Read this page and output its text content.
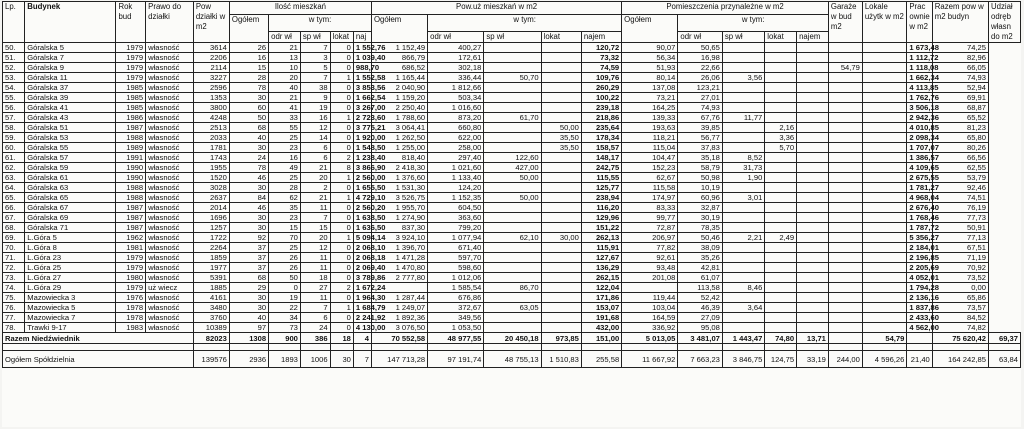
Lp.	Budynek	Rok bud	Prawo do działki	Pow działki w m2	Ilość mieszkań					Pow.uż mieszkań w m2					Pomieszczenia przynależne w m2					Garaże w bud m2	Lokale użytk w m2	Prac ownie w m2	Razem pow w m2 budyn	Udział odręb własn do m2
					Ogółem	w tym:				Ogółem	w tym:				Ogółem	w tym:								
						odr wł	sp wł	lokat	naj		odr wł	sp wł	lokat	najem		odr wł	sp wł	lokat	najem					
50.	Góralska 5	1979	własność	3614	26	21	7	0	1 552,76	1 152,49	400,27			120,72	90,07	50,65						1 673,48	74,25	
51.	Góralska 7	1979	własność	2206	16	13	3	0	1 039,40	866,79	172,61			73,32	56,34	16,98						1 112,72	82,96	
52.	Góralska 9	1979	własność	2114	15	10	5	0	988,70	686,52	302,18			74,59	51,93	22,66				54,79		1 118,08	66,05	
53.	Góralska 11	1979	własność	3227	28	20	7	1	1 552,58	1 165,44	336,44	50,70		109,76	80,14	26,06	3,56					1 662,34	74,93	
54.	Góralska 37	1985	własność	2596	78	40	38	0	3 853,56	2 040,90	1 812,66			260,29	137,08	123,21						4 113,85	52,94	
55.	Góralska 39	1985	własność	1353	30	21	9	0	1 662,54	1 159,20	503,34			100,22	73,21	27,01						1 762,76	69,91	
56.	Góralska 41	1985	własność	3800	60	41	19	0	3 267,00	2 250,40	1 016,60			239,18	164,25	74,93						3 506,18	68,87	
57.	Góralska 43	1986	własność	4248	50	33	16	1	2 723,60	1 788,60	873,20	61,70		218,86	139,33	67,76	11,77					2 942,36	65,52	
58.	Góralska 51	1987	własność	2513	68	55	12	0	3 775,21	3 064,41	660,80		50,00	235,64	193,63	39,85		2,16				4 010,85	81,23	
59.	Góralska 53	1988	własność	2033	40	25	14	0	1 920,00	1 262,50	622,00		35,50	178,34	118,21	56,77		3,36				2 098,34	65,80	
60.	Góralska 55	1989	własność	1781	30	23	6	0	1 548,50	1 255,00	258,00		35,50	158,57	115,04	37,83		5,70				1 707,07	80,26	
61.	Góralska 57	1991	własność	1743	24	16	6	2	1 238,40	818,40	297,40	122,60		148,17	104,47	35,18	8,52					1 386,57	66,56	
62.	Góralska 59	1990	własność	1955	78	49	21	8	3 866,90	2 418,30	1 021,60	427,00		242,75	152,23	58,79	31,73					4 109,65	62,55	
63.	Góralska 61	1990	własność	1520	46	25	20	1	2 560,00	1 376,60	1 133,40	50,00		115,55	62,67	50,98	1,90					2 675,55	53,79	
64.	Góralska 63	1988	własność	3028	30	28	2	0	1 655,50	1 531,30	124,20			125,77	115,58	10,19						1 781,27	92,46	
65.	Góralska 65	1988	własność	2637	84	62	21	1	4 729,10	3 526,75	1 152,35	50,00		238,94	174,97	60,96	3,01					4 968,04	74,51	
66.	Góralska 67	1987	własność	2014	46	35	11	0	2 560,20	1 955,70	604,50			116,20	83,33	32,87						2 676,40	76,19	
67.	Góralska 69	1987	własność	1696	30	23	7	0	1 638,50	1 274,90	363,60			129,96	99,77	30,19						1 768,46	77,73	
68.	Góralska 71	1987	własność	1257	30	15	15	0	1 636,50	837,30	799,20			151,22	72,87	78,35						1 787,72	50,91	
69.	L.Góra 5	1962	własność	1722	92	70	20	1	5 094,14	3 924,10	1 077,94	62,10	30,00	262,13	206,97	50,46	2,21	2,49				5 356,27	77,13	
70.	L.Góra 8	1981	własność	2264	37	25	12	0	2 068,10	1 396,70	671,40			115,91	77,82	38,09						2 184,01	67,51	
71.	L.Góra 23	1979	własność	1859	37	26	11	0	2 068,18	1 471,28	597,70			127,67	92,61	35,26						2 196,85	71,19	
72.	L.Góra 25	1979	własność	1977	37	26	11	0	2 069,40	1 470,80	598,60			136,29	93,48	42,81						2 205,69	70,92	
73.	L.Góra 27	1980	własność	5391	68	50	18	0	3 789,86	2 777,80	1 012,06			262,15	201,08	61,07						4 052,01	73,52	
74.	L.Góra 29	1979	uż wiecz	1885	29	0	27	2	1 672,24		1 585,54	86,70		122,04		113,58	8,46					1 794,28	0,00	
75.	Mazowiecka 3	1976	własność	4161	30	19	11	0	1 964,30	1 287,44	676,86			171,86	119,44	52,42						2 136,16	65,86	
76.	Mazowiecka 5	1978	własność	3480	30	22	7	1	1 684,79	1 249,07	372,67	63,05		153,07	103,04	46,39	3,64					1 837,86	73,57	
77.	Mazowiecka 7	1978	własność	3760	40	34	6	0	2 241,92	1 892,36	349,56			191,68	164,59	27,09						2 433,60	84,52	
78.	Trawki 9-17	1983	własność	10389	97	73	24	0	4 130,00	3 076,50	1 053,50			432,00	336,92	95,08						4 562,00	74,82	
Razem Niedźwiednik				82023	1308	900	386	18	4	70 552,58	48 977,55	20 450,18	973,85	151,00	5 013,05	3 481,07	1 443,47	74,80	13,71		54,79		75 620,42	69,37

Ogółem Spółdzielnia				139576	2936	1893	1006	30	7	147 713,28	97 191,74	48 755,13	1 510,83	255,58	11 667,92	7 663,23	3 846,75	124,75	33,19	244,00	4 596,26	21,40	164 242,85	63,84
